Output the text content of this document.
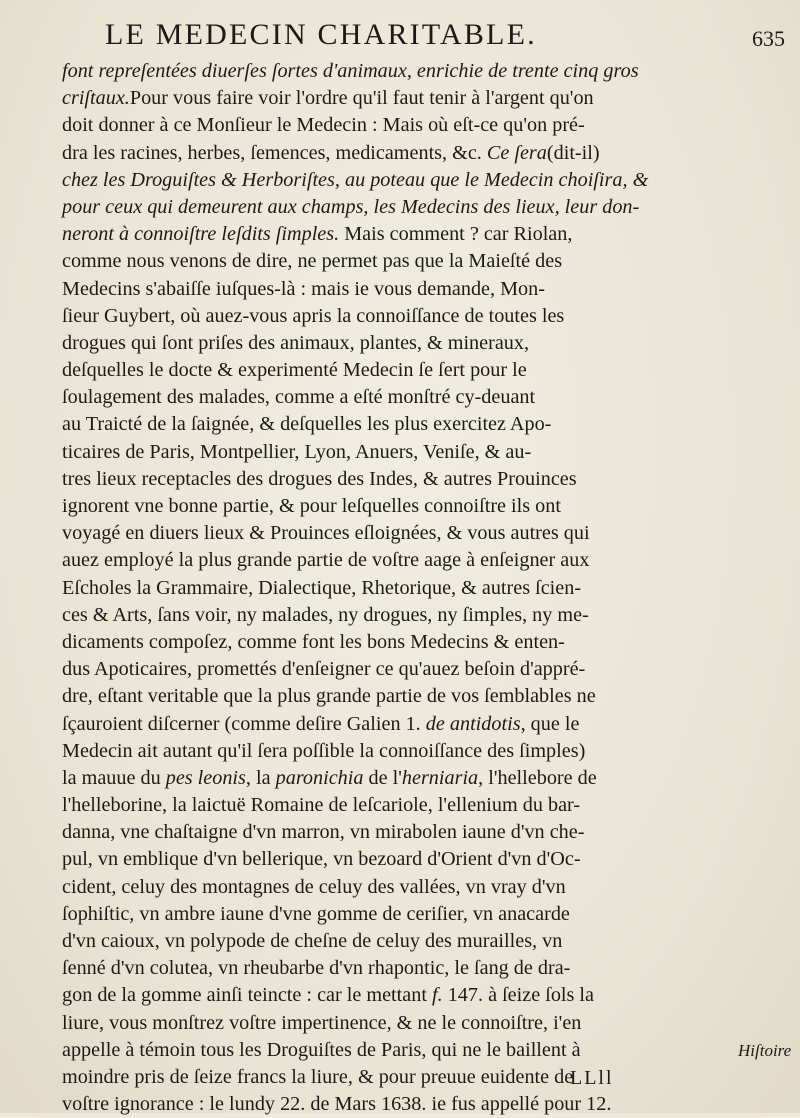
LE MEDECIN CHARITABLE.	635
font repreſentées diuerſes ſortes d'animaux, enrichie de trente cinq gros
criſtaux.Pour vous faire voir l'ordre qu'il faut tenir à l'argent qu'on
doit donner à ce Monſieur le Medecin : Mais où eſt-ce qu'on pré-
dra les racines, herbes, ſemences, medicaments, &c. Ce ſera(dit-il)
chez les Droguiſtes & Herboriſtes, au poteau que le Medecin choiſira, &
pour ceux qui demeurent aux champs, les Medecins des lieux, leur don-
neront à connoiſtre leſdits ſimples. Mais comment ? car Riolan,
comme nous venons de dire, ne permet pas que la Maieſté des
Medecins s'abaiſſe iuſques-là : mais ie vous demande, Mon-
ſieur Guybert, où auez-vous apris la connoiſſance de toutes les
drogues qui ſont priſes des animaux, plantes, & mineraux,
deſquelles le docte & experimenté Medecin ſe ſert pour le
ſoulagement des malades, comme a eſté monſtré cy-deuant
au Traicté de la ſaignée, & deſquelles les plus exercitez Apo-
ticaires de Paris, Montpellier, Lyon, Anuers, Veniſe, & au-
tres lieux receptacles des drogues des Indes, & autres Prouinces
ignorent vne bonne partie, & pour leſquelles connoiſtre ils ont
voyagé en diuers lieux & Prouinces eſloignées, & vous autres qui
auez employé la plus grande partie de voſtre aage à enſeigner aux
Eſcholes la Grammaire, Dialectique, Rhetorique, & autres ſcien-
ces & Arts, ſans voir, ny malades, ny drogues, ny ſimples, ny me-
dicaments compoſez, comme font les bons Medecins & enten-
dus Apoticaires, promettés d'enſeigner ce qu'auez beſoin d'appré-
dre, eſtant veritable que la plus grande partie de vos ſemblables ne
ſçauroient diſcerner (comme deſire Galien 1. de antidotis, que le
Medecin ait autant qu'il ſera poſſible la connoiſſance des ſimples)
la mauue du pes leonis, la paronichia de l'herniaria, l'hellebore de
l'helleborine, la laictuë Romaine de leſcariole, l'ellenium du bar-
danna, vne chaſtaigne d'vn marron, vn mirabolen iaune d'vn che-
pul, vn emblique d'vn bellerique, vn bezoard d'Orient d'vn d'Oc-
cident, celuy des montagnes de celuy des vallées, vn vray d'vn
ſophiſtic, vn ambre iaune d'vne gomme de ceriſier, vn anacarde
d'vn caioux, vn polypode de cheſne de celuy des murailles, vn
ſenné d'vn colutea, vn rheubarbe d'vn rhapontic, le ſang de dra-
gon de la gomme ainſi teincte : car le mettant f. 147. à ſeize ſols la
liure, vous monſtrez voſtre impertinence, & ne le connoiſtre, i'en
appelle à témoin tous les Droguiſtes de Paris, qui ne le baillent à
moindre pris de ſeize francs la liure, & pour preuue euidente de
voſtre ignorance : le lundy 22. de Mars 1638. ie fus appellé pour 12.
Hiſtoire
LLll
